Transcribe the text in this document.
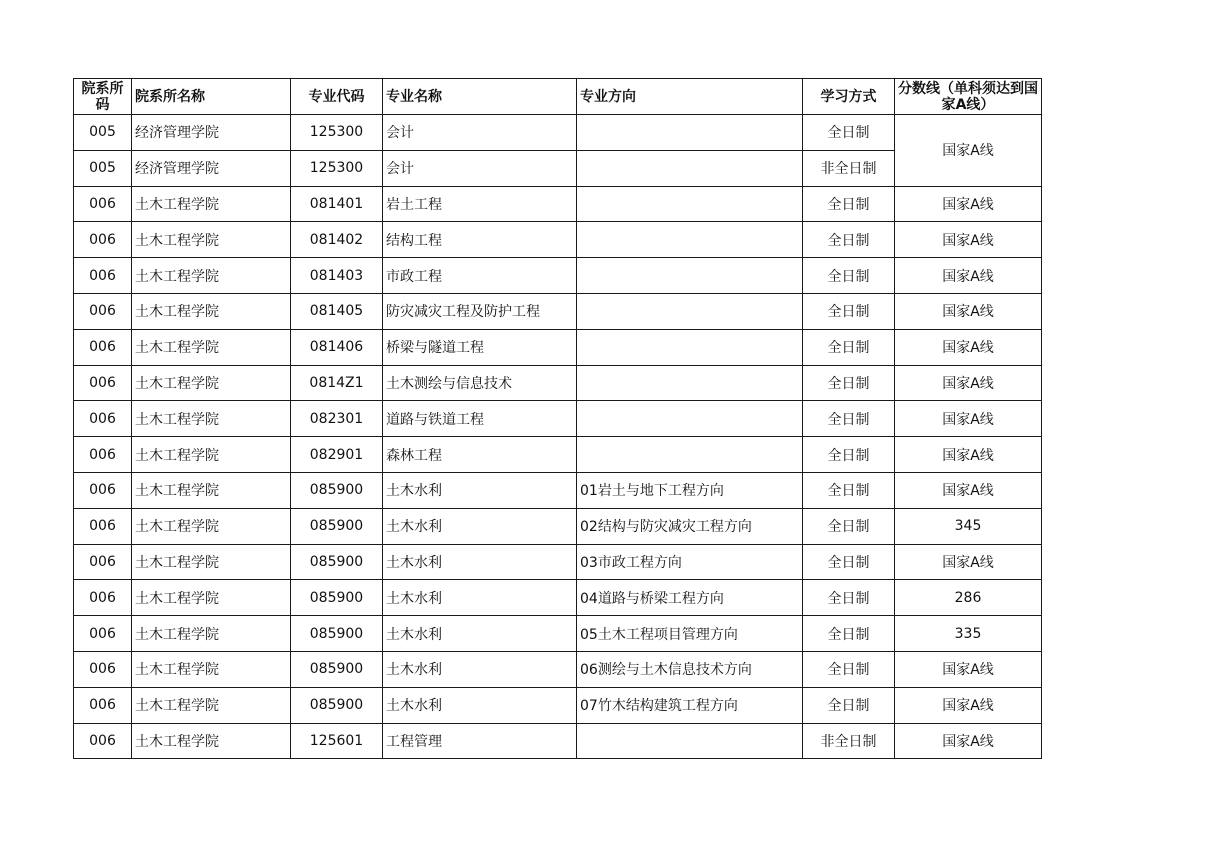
院系所码	院系所名称	专业代码	专业名称	专业方向	学习方式	分数线（单科须达到国家A线）
005	经济管理学院	125300	会计		全日制	国家A线
005	经济管理学院	125300	会计		非全日制	
006	土木工程学院	081401	岩土工程		全日制	国家A线
006	土木工程学院	081402	结构工程		全日制	国家A线
006	土木工程学院	081403	市政工程		全日制	国家A线
006	土木工程学院	081405	防灾减灾工程及防护工程		全日制	国家A线
006	土木工程学院	081406	桥梁与隧道工程		全日制	国家A线
006	土木工程学院	0814Z1	土木测绘与信息技术		全日制	国家A线
006	土木工程学院	082301	道路与铁道工程		全日制	国家A线
006	土木工程学院	082901	森林工程		全日制	国家A线
006	土木工程学院	085900	土木水利	01岩土与地下工程方向	全日制	国家A线
006	土木工程学院	085900	土木水利	02结构与防灾减灾工程方向	全日制	345
006	土木工程学院	085900	土木水利	03市政工程方向	全日制	国家A线
006	土木工程学院	085900	土木水利	04道路与桥梁工程方向	全日制	286
006	土木工程学院	085900	土木水利	05土木工程项目管理方向	全日制	335
006	土木工程学院	085900	土木水利	06测绘与土木信息技术方向	全日制	国家A线
006	土木工程学院	085900	土木水利	07竹木结构建筑工程方向	全日制	国家A线
006	土木工程学院	125601	工程管理		非全日制	国家A线
